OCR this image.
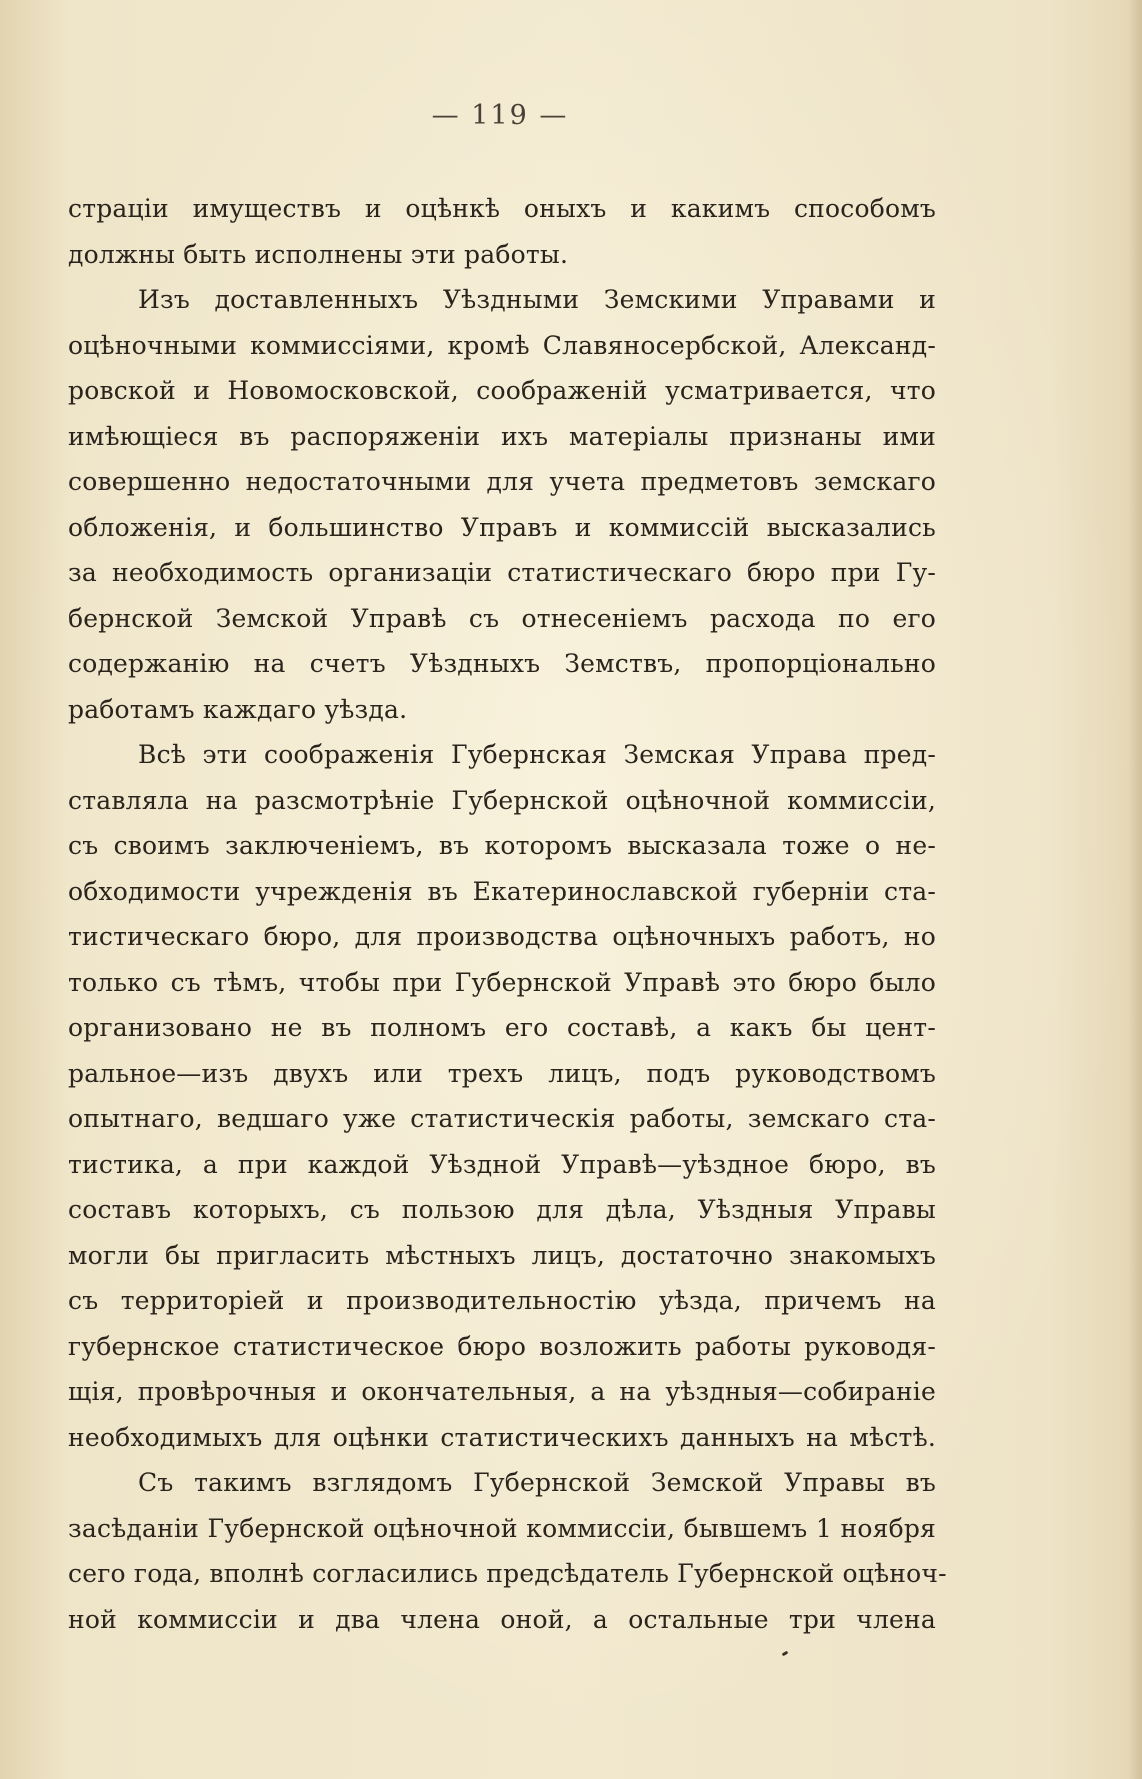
— 119 —
страціи имуществъ и оцѣнкѣ оныхъ и какимъ способомъ
должны быть исполнены эти работы.
Изъ доставленныхъ Уѣздными Земскими Управами и
оцѣночными коммиссіями, кромѣ Славяносербской, Александ-
ровской и Новомосковской, соображеній усматривается, что
имѣющіеся въ распоряженіи ихъ матеріалы признаны ими
совершенно недостаточными для учета предметовъ земскаго
обложенія, и большинство Управъ и коммиссій высказались
за необходимость организаціи статистическаго бюро при Гу-
бернской Земской Управѣ съ отнесеніемъ расхода по его
содержанію на счетъ Уѣздныхъ Земствъ, пропорціонально
работамъ каждаго уѣзда.
Всѣ эти соображенія Губернская Земская Управа пред-
ставляла на разсмотрѣніе Губернской оцѣночной коммиссіи,
съ своимъ заключеніемъ, въ которомъ высказала тоже о не-
обходимости учрежденія въ Екатеринославской губерніи ста-
тистическаго бюро, для производства оцѣночныхъ работъ, но
только съ тѣмъ, чтобы при Губернской Управѣ это бюро было
организовано не въ полномъ его составѣ, а какъ бы цент-
ральное—изъ двухъ или трехъ лицъ, подъ руководствомъ
опытнаго, ведшаго уже статистическія работы, земскаго ста-
тистика, а при каждой Уѣздной Управѣ—уѣздное бюро, въ
составъ которыхъ, съ пользою для дѣла, Уѣздныя Управы
могли бы пригласить мѣстныхъ лицъ, достаточно знакомыхъ
съ территоріей и производительностію уѣзда, причемъ на
губернское статистическое бюро возложить работы руководя-
щія, провѣрочныя и окончательныя, а на уѣздныя—собираніе
необходимыхъ для оцѣнки статистическихъ данныхъ на мѣстѣ.
Съ такимъ взглядомъ Губернской Земской Управы въ
засѣданіи Губернской оцѣночной коммиссіи, бывшемъ 1 ноября
сего года, вполнѣ согласились предсѣдатель Губернской оцѣноч-
ной коммиссіи и два члена оной, а остальные три члена
